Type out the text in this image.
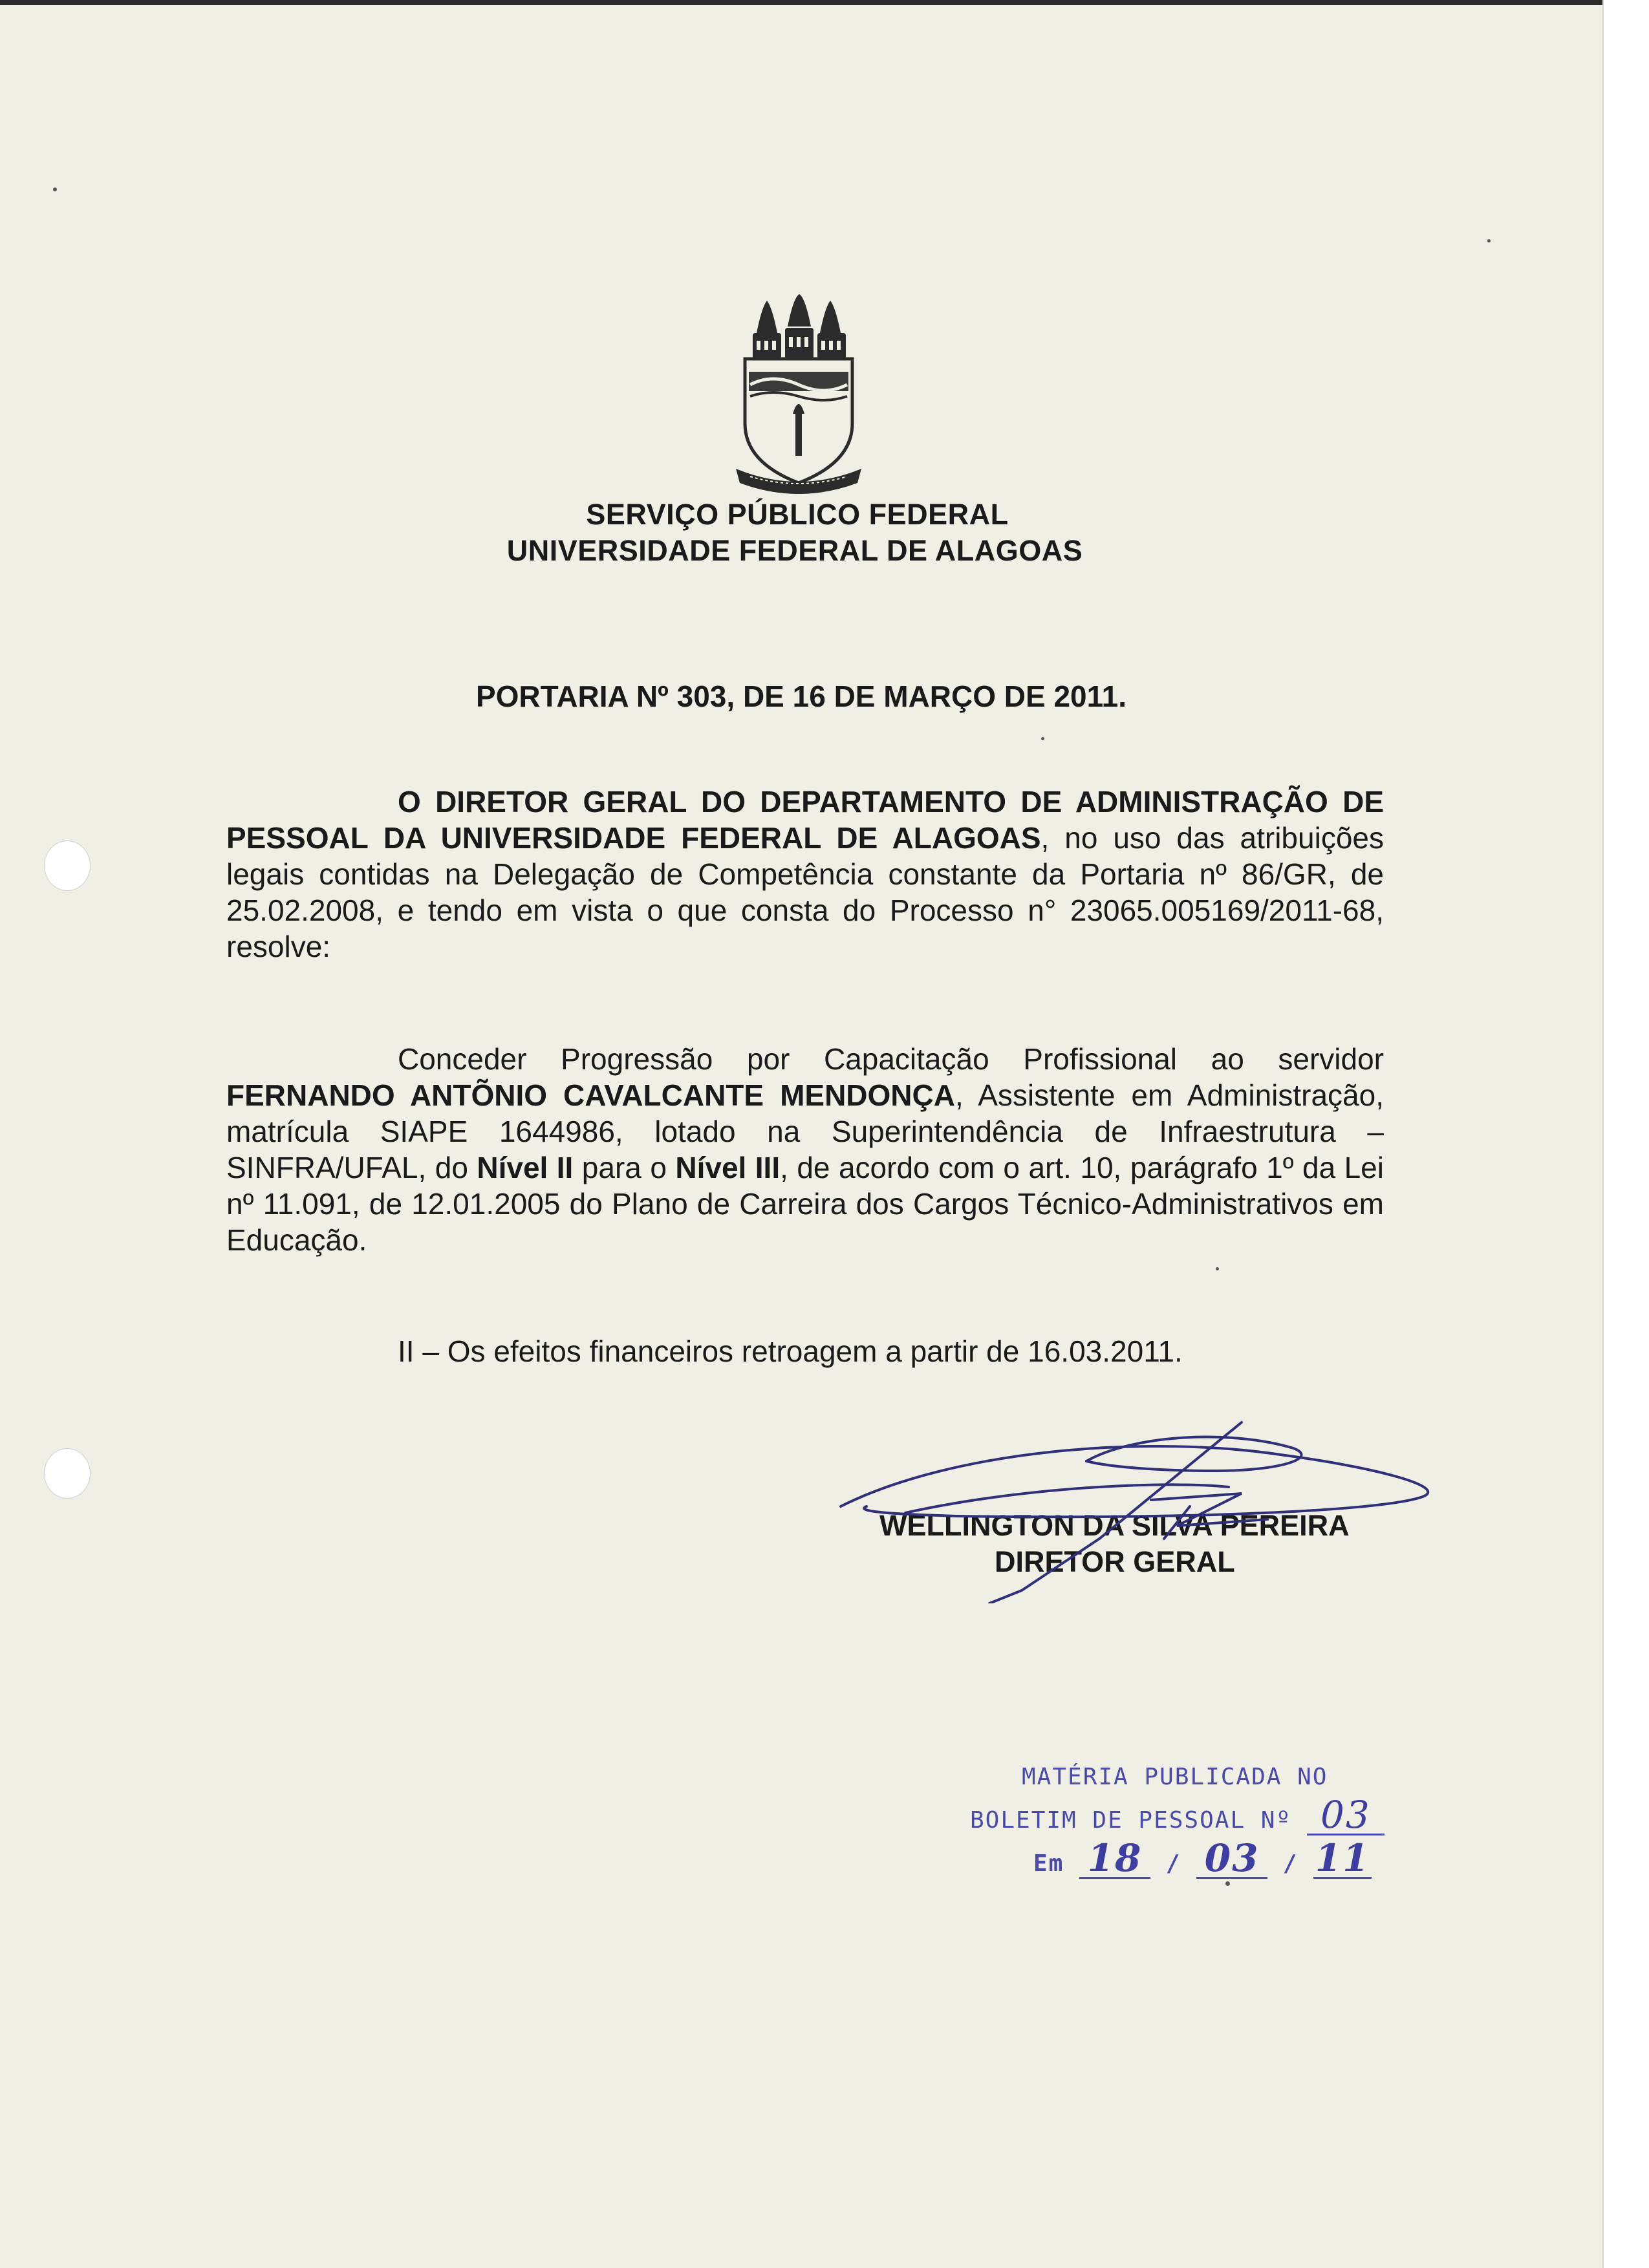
SERVIÇO PÚBLICO FEDERAL
UNIVERSIDADE FEDERAL DE ALAGOAS
PORTARIA Nº 303, DE 16 DE MARÇO DE 2011.
O DIRETOR GERAL DO DEPARTAMENTO DE ADMINISTRAÇÃO DE PESSOAL DA UNIVERSIDADE FEDERAL DE ALAGOAS, no uso das atribuições legais contidas na Delegação de Competência constante da Portaria nº 86/GR, de 25.02.2008, e tendo em vista o que consta do Processo n° 23065.005169/2011-68, resolve:
Conceder Progressão por Capacitação Profissional ao servidor FERNANDO ANTÕNIO CAVALCANTE MENDONÇA, Assistente em Administração, matrícula SIAPE 1644986, lotado na Superintendência de Infraestrutura – SINFRA/UFAL, do Nível II para o Nível III, de acordo com o art. 10, parágrafo 1º da Lei nº 11.091, de 12.01.2005 do Plano de Carreira dos Cargos Técnico-Administrativos em Educação.
II – Os efeitos financeiros retroagem a partir de 16.03.2011.
WELLINGTON DA SILVA PEREIRA
DIRETOR GERAL
MATÉRIA PUBLICADA NO
BOLETIM DE PESSOAL Nº 03
Em 18 / 03 / 11
